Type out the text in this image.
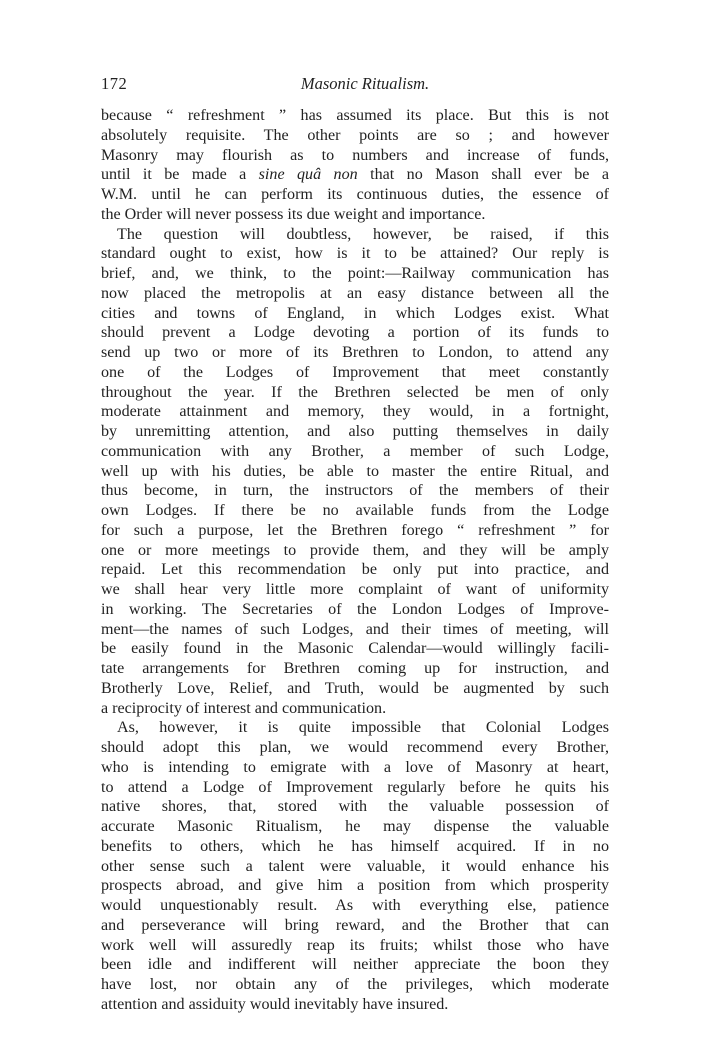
172	Masonic Ritualism.

because “ refreshment ” has assumed its place. But this is not
absolutely requisite. The other points are so ; and however
Masonry may flourish as to numbers and increase of funds,
until it be made a sine quâ non that no Mason shall ever be a
W.M. until he can perform its continuous duties, the essence of
the Order will never possess its due weight and importance.

The question will doubtless, however, be raised, if this
standard ought to exist, how is it to be attained? Our reply is
brief, and, we think, to the point:—Railway communication has
now placed the metropolis at an easy distance between all the
cities and towns of England, in which Lodges exist. What
should prevent a Lodge devoting a portion of its funds to
send up two or more of its Brethren to London, to attend any
one of the Lodges of Improvement that meet constantly
throughout the year. If the Brethren selected be men of only
moderate attainment and memory, they would, in a fortnight,
by unremitting attention, and also putting themselves in daily
communication with any Brother, a member of such Lodge,
well up with his duties, be able to master the entire Ritual, and
thus become, in turn, the instructors of the members of their
own Lodges. If there be no available funds from the Lodge
for such a purpose, let the Brethren forego “ refreshment ” for
one or more meetings to provide them, and they will be amply
repaid. Let this recommendation be only put into practice, and
we shall hear very little more complaint of want of uniformity
in working. The Secretaries of the London Lodges of Improve-
ment—the names of such Lodges, and their times of meeting, will
be easily found in the Masonic Calendar—would willingly facili-
tate arrangements for Brethren coming up for instruction, and
Brotherly Love, Relief, and Truth, would be augmented by such
a reciprocity of interest and communication.

As, however, it is quite impossible that Colonial Lodges
should adopt this plan, we would recommend every Brother,
who is intending to emigrate with a love of Masonry at heart,
to attend a Lodge of Improvement regularly before he quits his
native shores, that, stored with the valuable possession of
accurate Masonic Ritualism, he may dispense the valuable
benefits to others, which he has himself acquired. If in no
other sense such a talent were valuable, it would enhance his
prospects abroad, and give him a position from which prosperity
would unquestionably result. As with everything else, patience
and perseverance will bring reward, and the Brother that can
work well will assuredly reap its fruits; whilst those who have
been idle and indifferent will neither appreciate the boon they
have lost, nor obtain any of the privileges, which moderate
attention and assiduity would inevitably have insured.
